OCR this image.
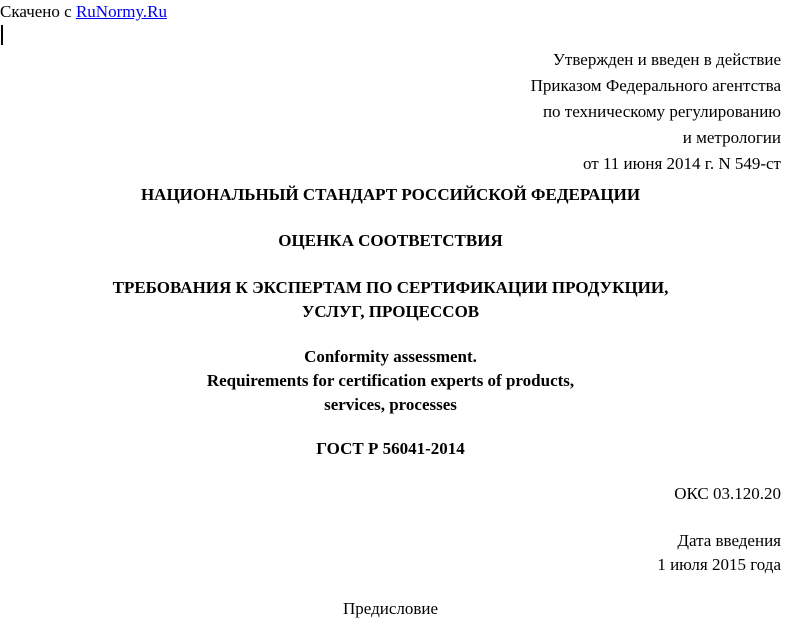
Скачено с RuNormy.Ru
Утвержден и введен в действие
Приказом Федерального агентства
по техническому регулированию
и метрологии
от 11 июня 2014 г. N 549-ст
НАЦИОНАЛЬНЫЙ СТАНДАРТ РОССИЙСКОЙ ФЕДЕРАЦИИ
ОЦЕНКА СООТВЕТСТВИЯ
ТРЕБОВАНИЯ К ЭКСПЕРТАМ ПО СЕРТИФИКАЦИИ ПРОДУКЦИИ,
УСЛУГ, ПРОЦЕССОВ
Conformity assessment.
Requirements for certification experts of products,
services, processes
ГОСТ Р 56041-2014
ОКС 03.120.20
Дата введения
1 июля 2015 года
Предисловие
